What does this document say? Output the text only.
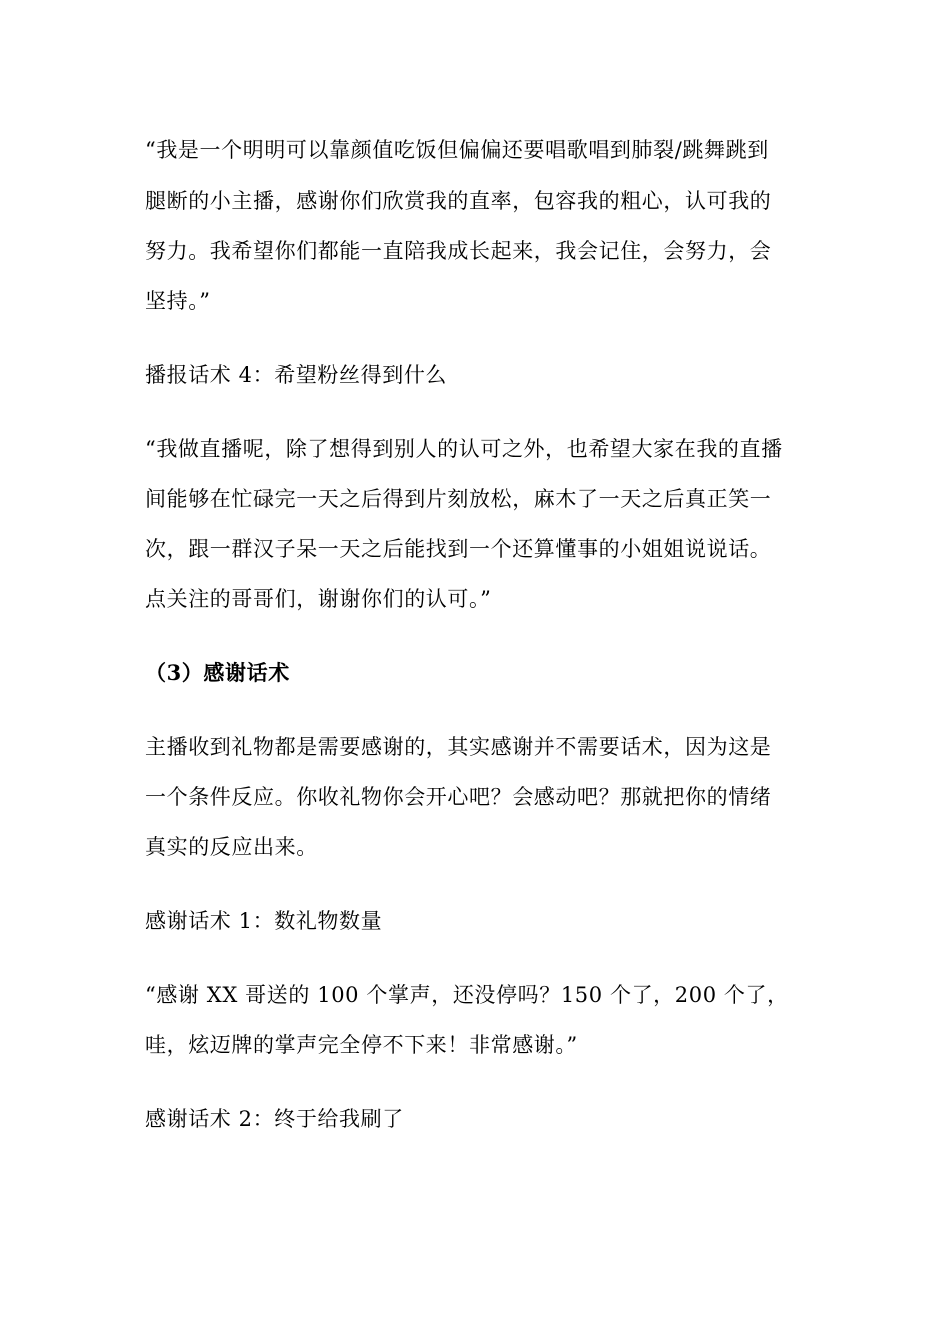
“我是一个明明可以靠颜值吃饭但偏偏还要唱歌唱到肺裂/跳舞跳到
腿断的小主播，感谢你们欣赏我的直率，包容我的粗心，认可我的
努力。我希望你们都能一直陪我成长起来，我会记住，会努力，会
坚持。”
播报话术 4：希望粉丝得到什么
“我做直播呢，除了想得到别人的认可之外，也希望大家在我的直播
间能够在忙碌完一天之后得到片刻放松，麻木了一天之后真正笑一
次，跟一群汉子呆一天之后能找到一个还算懂事的小姐姐说说话。
点关注的哥哥们，谢谢你们的认可。”
（3）感谢话术
主播收到礼物都是需要感谢的，其实感谢并不需要话术，因为这是
一个条件反应。你收礼物你会开心吧？会感动吧？那就把你的情绪
真实的反应出来。
感谢话术 1：数礼物数量
“感谢 XX 哥送的 100 个掌声，还没停吗？150 个了，200 个了，
哇，炫迈牌的掌声完全停不下来！非常感谢。”
感谢话术 2：终于给我刷了
